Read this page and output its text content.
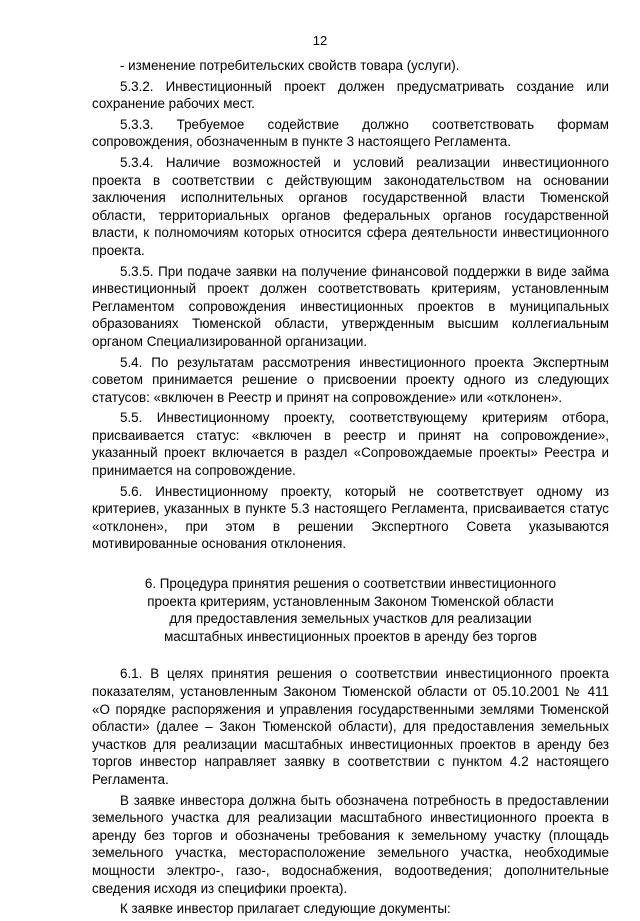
12

- изменение потребительских свойств товара (услуги).

5.3.2. Инвестиционный проект должен предусматривать создание или сохранение рабочих мест.

5.3.3. Требуемое содействие должно соответствовать формам сопровождения, обозначенным в пункте 3 настоящего Регламента.

5.3.4. Наличие возможностей и условий реализации инвестиционного проекта в соответствии с действующим законодательством на основании заключения исполнительных органов государственной власти Тюменской области, территориальных органов федеральных органов государственной власти, к полномочиям которых относится сфера деятельности инвестиционного проекта.

5.3.5. При подаче заявки на получение финансовой поддержки в виде займа инвестиционный проект должен соответствовать критериям, установленным Регламентом сопровождения инвестиционных проектов в муниципальных образованиях Тюменской области, утвержденным высшим коллегиальным органом Специализированной организации.

5.4. По результатам рассмотрения инвестиционного проекта Экспертным советом принимается решение о присвоении проекту одного из следующих статусов: «включен в Реестр и принят на сопровождение» или «отклонен».

5.5. Инвестиционному проекту, соответствующему критериям отбора, присваивается статус: «включен в реестр и принят на сопровождение», указанный проект включается в раздел «Сопровождаемые проекты» Реестра и принимается на сопровождение.

5.6. Инвестиционному проекту, который не соответствует одному из критериев, указанных в пункте 5.3 настоящего Регламента, присваивается статус «отклонен», при этом в решении Экспертного Совета указываются мотивированные основания отклонения.

6. Процедура принятия решения о соответствии инвестиционного
проекта критериям, установленным Законом Тюменской области
для предоставления земельных участков для реализации
масштабных инвестиционных проектов в аренду без торгов

6.1. В целях принятия решения о соответствии инвестиционного проекта показателям, установленным Законом Тюменской области от 05.10.2001 № 411 «О порядке распоряжения и управления государственными землями Тюменской области» (далее – Закон Тюменской области), для предоставления земельных участков для реализации масштабных инвестиционных проектов в аренду без торгов инвестор направляет заявку в соответствии с пунктом 4.2 настоящего Регламента.

В заявке инвестора должна быть обозначена потребность в предоставлении земельного участка для реализации масштабного инвестиционного проекта в аренду без торгов и обозначены требования к земельному участку (площадь земельного участка, месторасположение земельного участка, необходимые мощности электро-, газо-, водоснабжения, водоотведения; дополнительные сведения исходя из специфики проекта).

К заявке инвестор прилагает следующие документы:
